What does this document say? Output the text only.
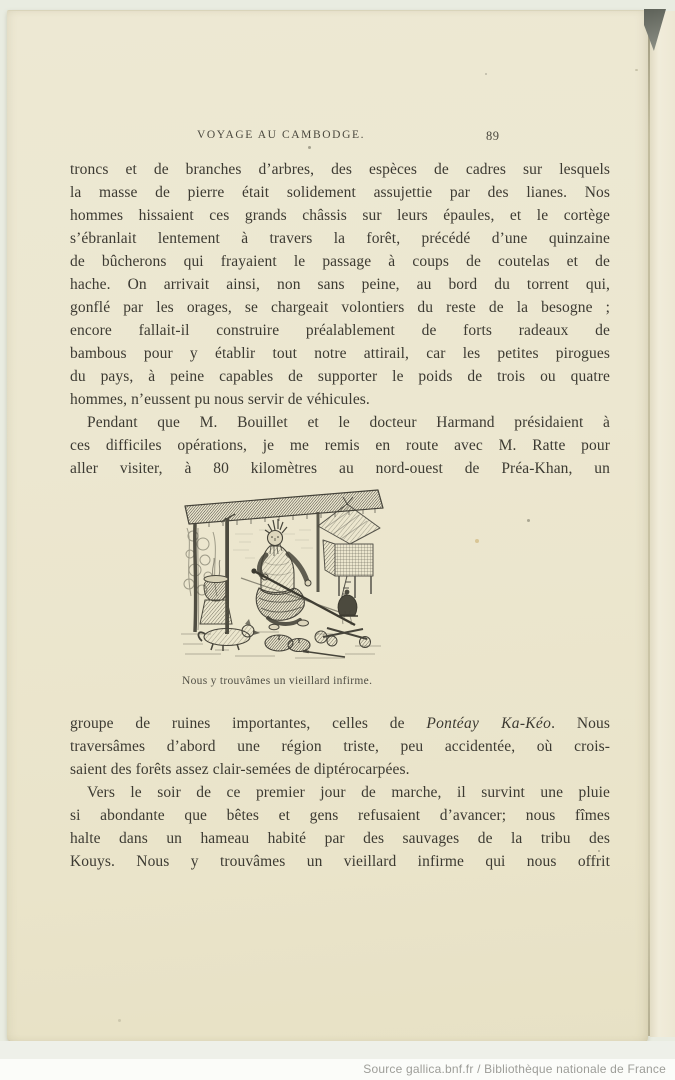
VOYAGE AU CAMBODGE.	89
troncs et de branches d’arbres, des espèces de cadres sur lesquels
la masse de pierre était solidement assujettie par des lianes. Nos
hommes hissaient ces grands châssis sur leurs épaules, et le cortège
s’ébranlait lentement à travers la forêt, précédé d’une quinzaine
de bûcherons qui frayaient le passage à coups de coutelas et de
hache. On arrivait ainsi, non sans peine, au bord du torrent qui,
gonflé par les orages, se chargeait volontiers du reste de la besogne ;
encore fallait-il construire préalablement de forts radeaux de
bambous pour y établir tout notre attirail, car les petites pirogues
du pays, à peine capables de supporter le poids de trois ou quatre
hommes, n’eussent pu nous servir de véhicules.
Pendant que M. Bouillet et le docteur Harmand présidaient à
ces difficiles opérations, je me remis en route avec M. Ratte pour
aller visiter, à 80 kilomètres au nord-ouest de Préa-Khan, un
Nous y trouvâmes un vieillard infirme.
groupe de ruines importantes, celles de Pontéay Ka-Kéo. Nous
traversâmes d’abord une région triste, peu accidentée, où crois-
saient des forêts assez clair-semées de diptérocarpées.
Vers le soir de ce premier jour de marche, il survint une pluie
si abondante que bêtes et gens refusaient d’avancer; nous fîmes
halte dans un hameau habité par des sauvages de la tribu des
Kouys. Nous y trouvâmes un vieillard infirme qui nous offrit
Source gallica.bnf.fr / Bibliothèque nationale de France
